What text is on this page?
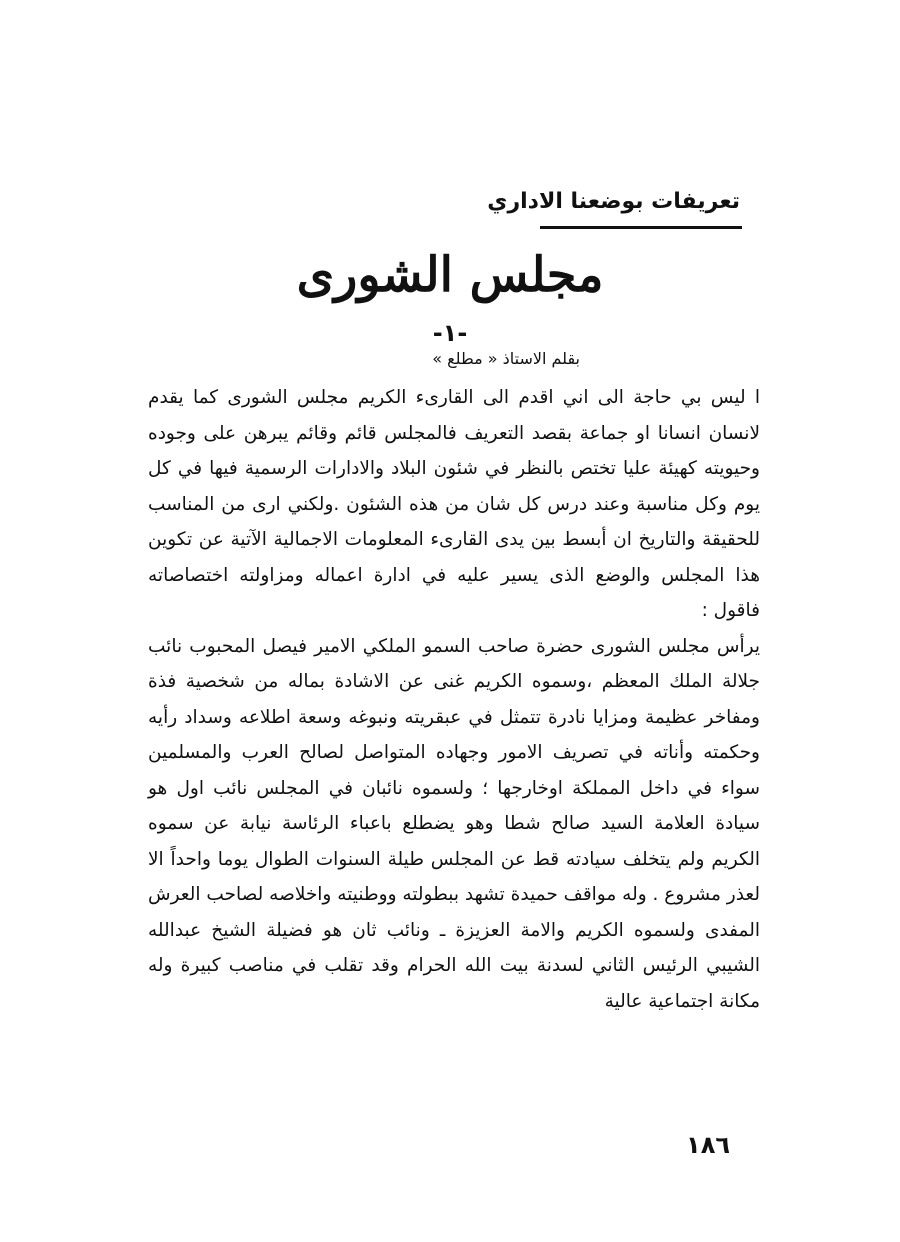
تعريفات بوضعنا الاداري
مجلس الشورى
-١-
بقلم الاستاذ « مطلع »

ا ليس بي حاجة الى اني اقدم الى القارىء الكريم مجلس الشورى كما يقدم لانسان انسانا او جماعة بقصد التعريف فالمجلس قائم وقائم يبرهن على وجوده وحيويته كهيئة عليا تختص بالنظر في شئون البلاد والادارات الرسمية فيها في كل يوم وكل مناسبة وعند درس كل شان من هذه الشئون .ولكني ارى من المناسب للحقيقة والتاريخ ان أبسط بين يدى القارىء المعلومات الاجمالية الآتية عن تكوين هذا المجلس والوضع الذى يسير عليه في ادارة اعماله ومزاولته اختصاصاته فاقول :

يرأس مجلس الشورى حضرة صاحب السمو الملكي الامير فيصل المحبوب نائب جلالة الملك المعظم ،وسموه الكريم غنى عن الاشادة بماله من شخصية فذة ومفاخر عظيمة ومزايا نادرة تتمثل في عبقريته ونبوغه وسعة اطلاعه وسداد رأيه وحكمته وأناته في تصريف الامور وجهاده المتواصل لصالح العرب والمسلمين سواء في داخل المملكة اوخارجها ؛ ولسموه نائبان في المجلس نائب اول هو سيادة العلامة السيد صالح شطا وهو يضطلع باعباء الرئاسة نيابة عن سموه الكريم ولم يتخلف سيادته قط عن المجلس طيلة السنوات الطوال يوما واحداً الا لعذر مشروع . وله مواقف حميدة تشهد ببطولته ووطنيته واخلاصه لصاحب العرش المفدى ولسموه الكريم والامة العزيزة ـ ونائب ثان هو فضيلة الشيخ عبدالله الشيبي الرئيس الثاني لسدنة بيت الله الحرام وقد تقلب في مناصب كبيرة وله مكانة اجتماعية عالية

١٨٦
